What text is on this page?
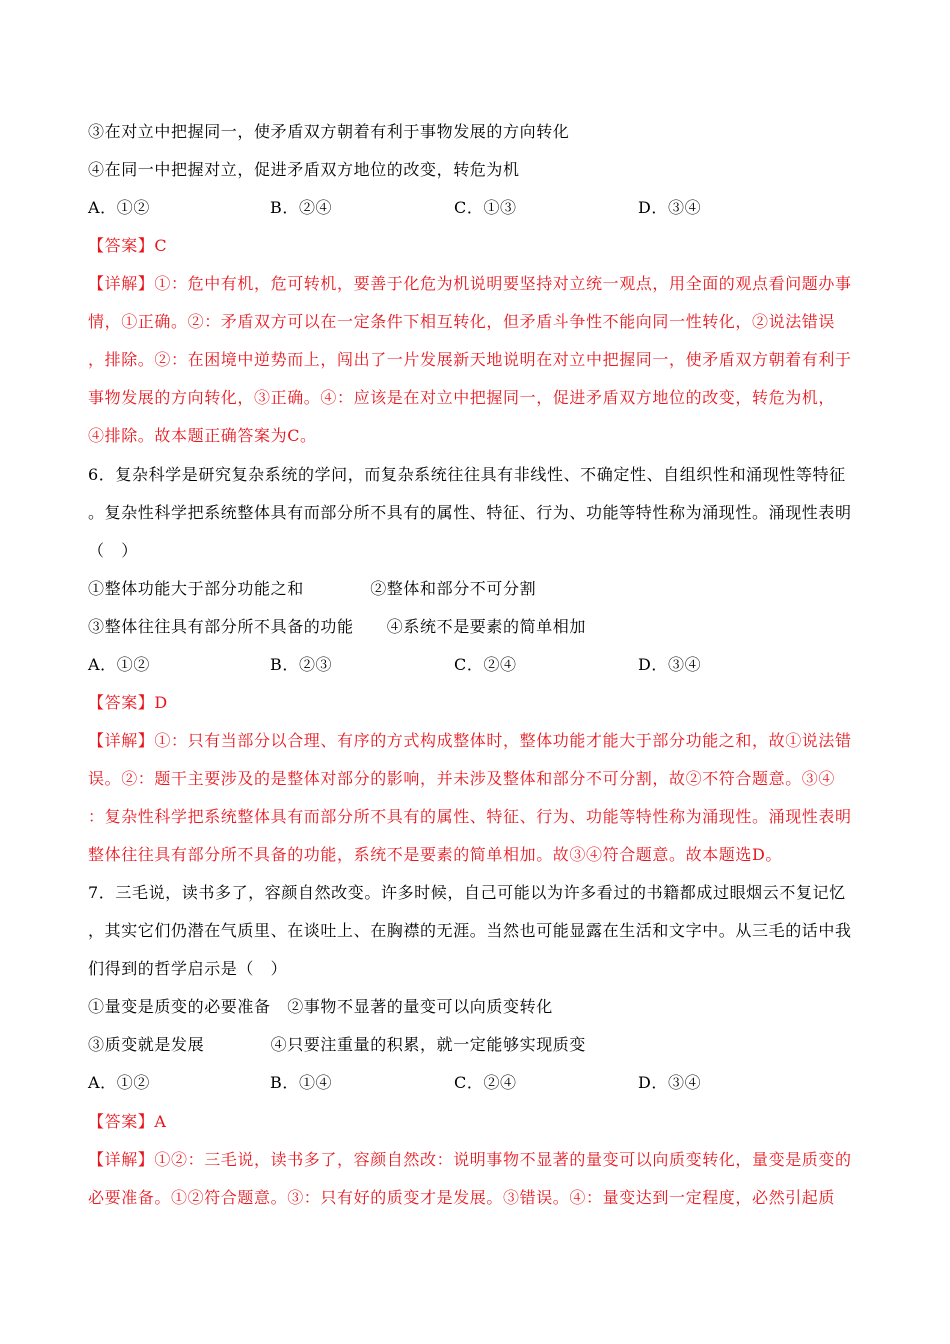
③在对立中把握同一，使矛盾双方朝着有利于事物发展的方向转化
④在同一中把握对立，促进矛盾双方地位的改变，转危为机
A．①②	B．②④	C．①③	D．③④
【答案】C
【详解】①：危中有机，危可转机，要善于化危为机说明要坚持对立统一观点，用全面的观点看问题办事
情，①正确。②：矛盾双方可以在一定条件下相互转化，但矛盾斗争性不能向同一性转化，②说法错误
，排除。②：在困境中逆势而上，闯出了一片发展新天地说明在对立中把握同一，使矛盾双方朝着有利于
事物发展的方向转化，③正确。④：应该是在对立中把握同一，促进矛盾双方地位的改变，转危为机，
④排除。故本题正确答案为C。
6．复杂科学是研究复杂系统的学问，而复杂系统往往具有非线性、不确定性、自组织性和涌现性等特征
。复杂性科学把系统整体具有而部分所不具有的属性、特征、行为、功能等特性称为涌现性。涌现性表明
（　）
①整体功能大于部分功能之和　　　　②整体和部分不可分割
③整体往往具有部分所不具备的功能　　④系统不是要素的简单相加
A．①②	B．②③	C．②④	D．③④
【答案】D
【详解】①：只有当部分以合理、有序的方式构成整体时，整体功能才能大于部分功能之和，故①说法错
误。②：题干主要涉及的是整体对部分的影响，并未涉及整体和部分不可分割，故②不符合题意。③④
：复杂性科学把系统整体具有而部分所不具有的属性、特征、行为、功能等特性称为涌现性。涌现性表明
整体往往具有部分所不具备的功能，系统不是要素的简单相加。故③④符合题意。故本题选D。
7．三毛说，读书多了，容颜自然改变。许多时候，自己可能以为许多看过的书籍都成过眼烟云不复记忆
，其实它们仍潜在气质里、在谈吐上、在胸襟的无涯。当然也可能显露在生活和文字中。从三毛的话中我
们得到的哲学启示是（　）
①量变是质变的必要准备　②事物不显著的量变可以向质变转化
③质变就是发展　　　　④只要注重量的积累，就一定能够实现质变
A．①②	B．①④	C．②④	D．③④
【答案】A
【详解】①②：三毛说，读书多了，容颜自然改：说明事物不显著的量变可以向质变转化，量变是质变的
必要准备。①②符合题意。③：只有好的质变才是发展。③错误。④：量变达到一定程度，必然引起质
